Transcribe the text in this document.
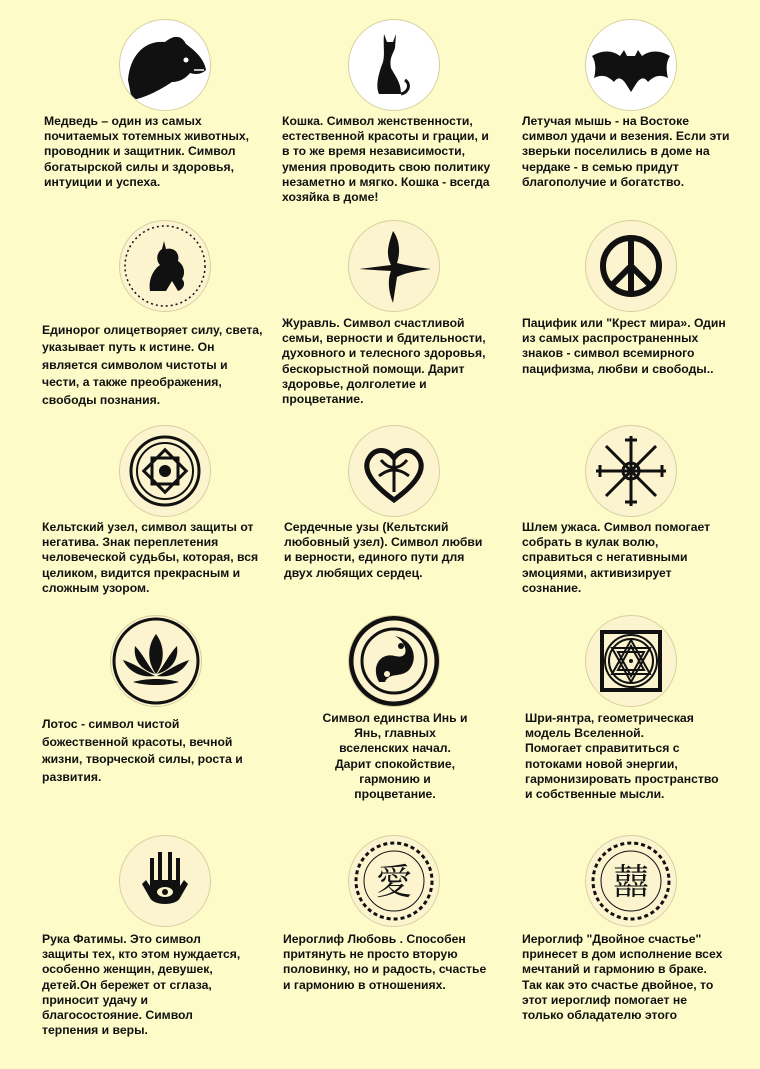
Медведь – один из самых
почитаемых тотемных животных,
проводник и защитник. Символ
богатырской силы и здоровья,
интуиции и успеха.
Кошка. Символ женственности,
естественной красоты и грации, и
в то же время независимости,
умения проводить свою политику
незаметно и мягко. Кошка - всегда
хозяйка в доме!
Летучая мышь - на Востоке
символ удачи и везения. Если эти
зверьки поселились в доме на
чердаке - в семью придут
благополучие и богатство.
Единорог олицетворяет силу, света,
указывает путь к истине. Он
является символом чистоты и
чести, а также преображения,
свободы познания.
Журавль. Символ счастливой
семьи, верности и бдительности,
духовного и телесного здоровья,
бескорыстной помощи. Дарит
здоровье, долголетие и
процветание.
Пацифик или "Крест мира». Один
из самых распространенных
знаков - символ всемирного
пацифизма, любви и свободы..
Кельтский узел, символ защиты от
негатива. Знак переплетения
человеческой судьбы, которая, вся
целиком, видится прекрасным и
сложным узором.
Сердечные узы (Кельтский
любовный узел). Символ любви
и верности, единого пути для
двух любящих сердец.
Шлем ужаса. Символ помогает
собрать в кулак волю,
справиться с негативными
эмоциями, активизирует
сознание.
Лотос - символ чистой
божественной красоты, вечной
жизни, творческой силы, роста и
развития.
Символ единства Инь и
Янь, главных
вселенских начал.
Дарит спокойствие,
гармонию и
процветание.
Шри-янтра, геометрическая
модель Вселенной.
Помогает справититься с
потоками новой энергии,
гармонизировать пространство
и собственные мысли.
愛	囍
Рука Фатимы. Это символ
защиты тех, кто этом нуждается,
особенно женщин, девушек,
детей.Он бережет от сглаза,
приносит удачу и
благосостояние. Символ
терпения и веры.
Иероглиф Любовь . Способен
притянуть не просто вторую
половинку, но и радость, счастье
и гармонию в отношениях.
Иероглиф "Двойное счастье"
принесет в дом исполнение всех
мечтаний и гармонию в браке.
Так как это счастье двойное, то
этот иероглиф помогает не
только обладателю этого
